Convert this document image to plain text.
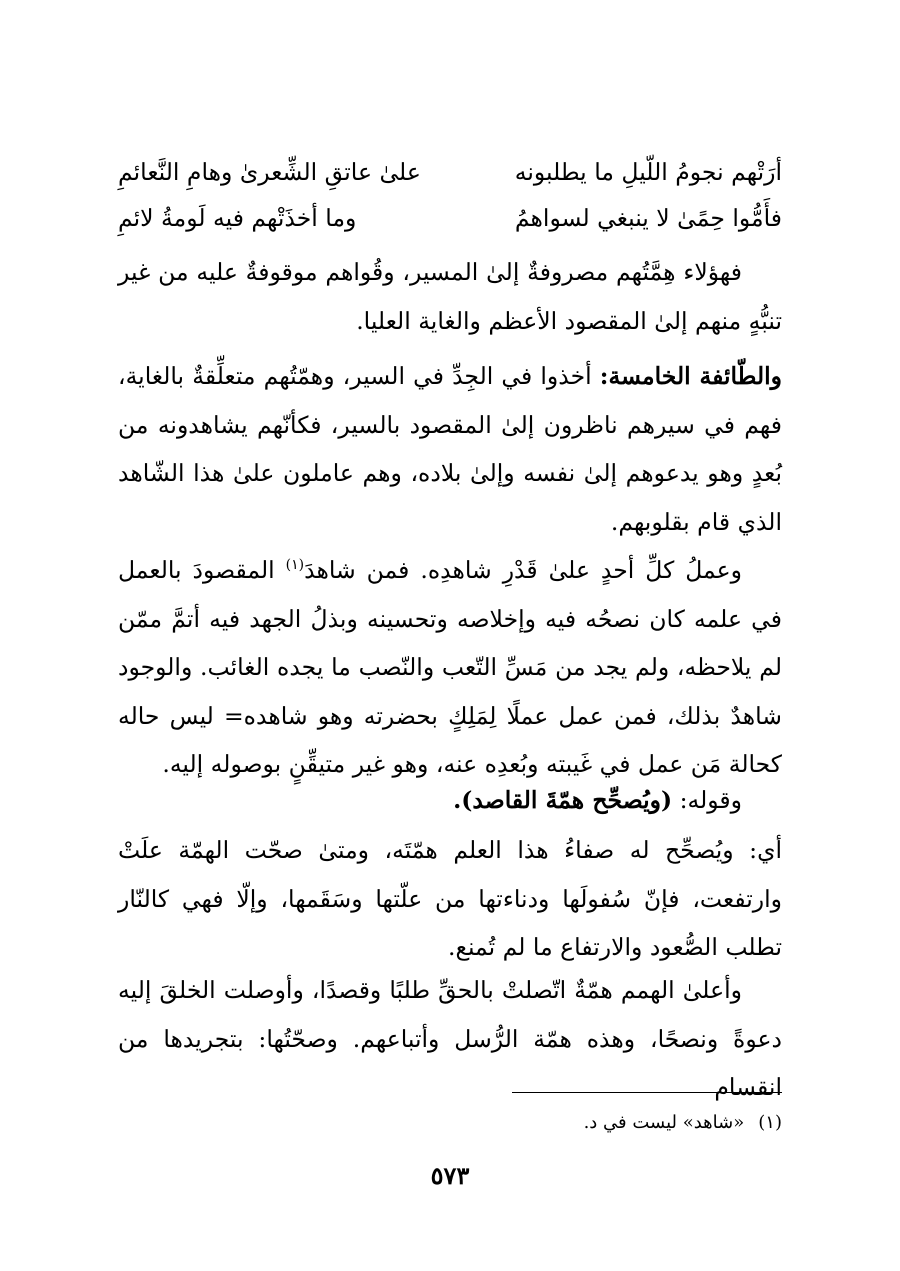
أرَتْهم نجومُ اللّيلِ ما يطلبونه
علىٰ عاتقِ الشِّعرىٰ وهامِ النَّعائمِ
فأَمُّوا حِمًىٰ لا ينبغي لسواهمُ
وما أخذَتْهم فيه لَومةُ لائمِ

فهؤلاء هِمَّتُهم مصروفةٌ إلىٰ المسير، وقُواهم موقوفةٌ عليه من غير تنبُّهٍ منهم إلىٰ المقصود الأعظم والغاية العليا.

والطّائفة الخامسة: أخذوا في الجِدِّ في السير، وهمّتُهم متعلِّقةٌ بالغاية، فهم في سيرهم ناظرون إلىٰ المقصود بالسير، فكأنّهم يشاهدونه من بُعدٍ وهو يدعوهم إلىٰ نفسه وإلىٰ بلاده، وهم عاملون علىٰ هذا الشّاهد الذي قام بقلوبهم.

وعملُ كلِّ أحدٍ علىٰ قَدْرِ شاهدِه. فمن شاهدَ$^{(١)}$ المقصودَ بالعمل في علمه كان نصحُه فيه وإخلاصه وتحسينه وبذلُ الجهد فيه أتمَّ ممّن لم يلاحظه، ولم يجد من مَسِّ التّعب والنّصب ما يجده الغائب. والوجود شاهدٌ بذلك، فمن عمل عملًا لِمَلِكٍ بحضرته وهو شاهده= ليس حاله كحالة مَن عمل في غَيبته وبُعدِه عنه، وهو غير متيقِّنٍ بوصوله إليه.

وقوله: (ويُصحِّح همّةَ القاصد).

أي: ويُصحِّح له صفاءُ هذا العلم همّتَه، ومتىٰ صحّت الهمّة علَتْ وارتفعت، فإنّ سُفولَها ودناءتها من علّتها وسَقَمها، وإلّا فهي كالنّار تطلب الصُّعود والارتفاع ما لم تُمنع.

وأعلىٰ الهمم همّةٌ اتّصلتْ بالحقِّ طلبًا وقصدًا، وأوصلت الخلقَ إليه دعوةً ونصحًا، وهذه همّة الرُّسل وأتباعهم. وصحّتُها: بتجريدها من انقسام

(١)«شاهد» ليست في د.
٥٧٣
